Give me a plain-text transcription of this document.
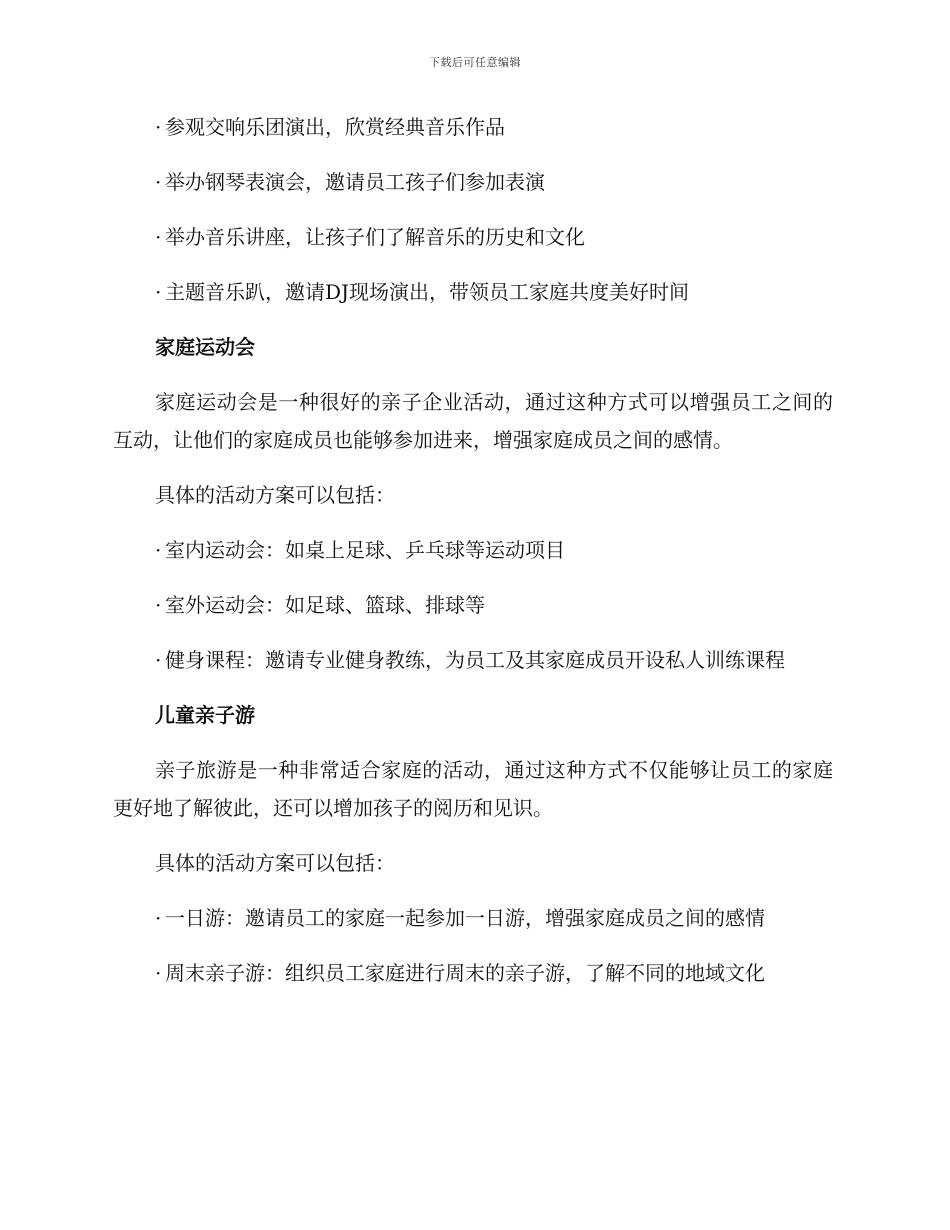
下载后可任意编辑
· 参观交响乐团演出，欣赏经典音乐作品
· 举办钢琴表演会，邀请员工孩子们参加表演
· 举办音乐讲座，让孩子们了解音乐的历史和文化
· 主题音乐趴，邀请DJ现场演出，带领员工家庭共度美好时间
家庭运动会
家庭运动会是一种很好的亲子企业活动，通过这种方式可以增强员工之间的互动，让他们的家庭成员也能够参加进来，增强家庭成员之间的感情。
具体的活动方案可以包括：
· 室内运动会：如桌上足球、乒乓球等运动项目
· 室外运动会：如足球、篮球、排球等
· 健身课程：邀请专业健身教练，为员工及其家庭成员开设私人训练课程
儿童亲子游
亲子旅游是一种非常适合家庭的活动，通过这种方式不仅能够让员工的家庭更好地了解彼此，还可以增加孩子的阅历和见识。
具体的活动方案可以包括：
· 一日游：邀请员工的家庭一起参加一日游，增强家庭成员之间的感情
· 周末亲子游：组织员工家庭进行周末的亲子游，了解不同的地域文化
